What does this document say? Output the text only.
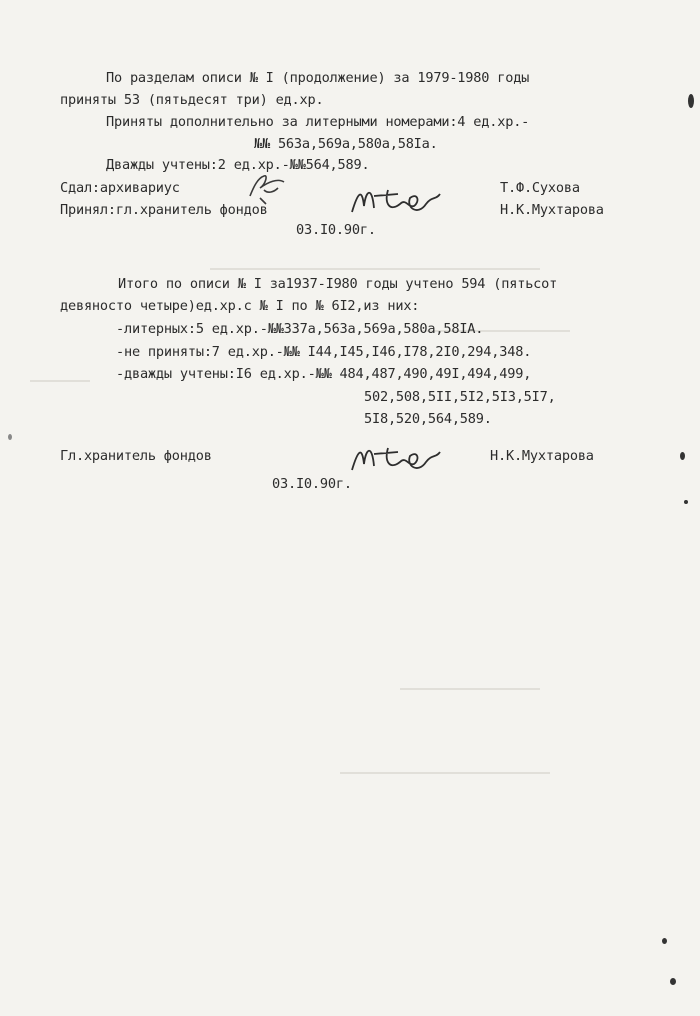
По разделам описи № I (продолжение) за 1979-1980 годы
приняты 53 (пятьдесят три) ед.хр.
Приняты дополнительно за литерными номерами:4 ед.хр.-
№№ 563а,569а,580а,58Iа.
Дважды учтены:2 ед.хр.-№№564,589.
Сдал:архивариус	Т.Ф.Сухова
Принял:гл.хранитель фондов	Н.К.Мухтарова
03.I0.90г.
Итого по описи № I за1937-I980 годы учтено 594 (пятьсот
девяносто четыре)ед.хр.с № I по № 6I2,из них:
-литерных:5 ед.хр.-№№337а,563а,569а,580а,58IA.
-не приняты:7 ед.хр.-№№ I44,I45,I46,I78,2I0,294,348.
-дважды учтены:I6 ед.хр.-№№ 484,487,490,49I,494,499,
502,508,5II,5I2,5I3,5I7,
5I8,520,564,589.
Гл.хранитель фондов	Н.К.Мухтарова
03.I0.90г.
